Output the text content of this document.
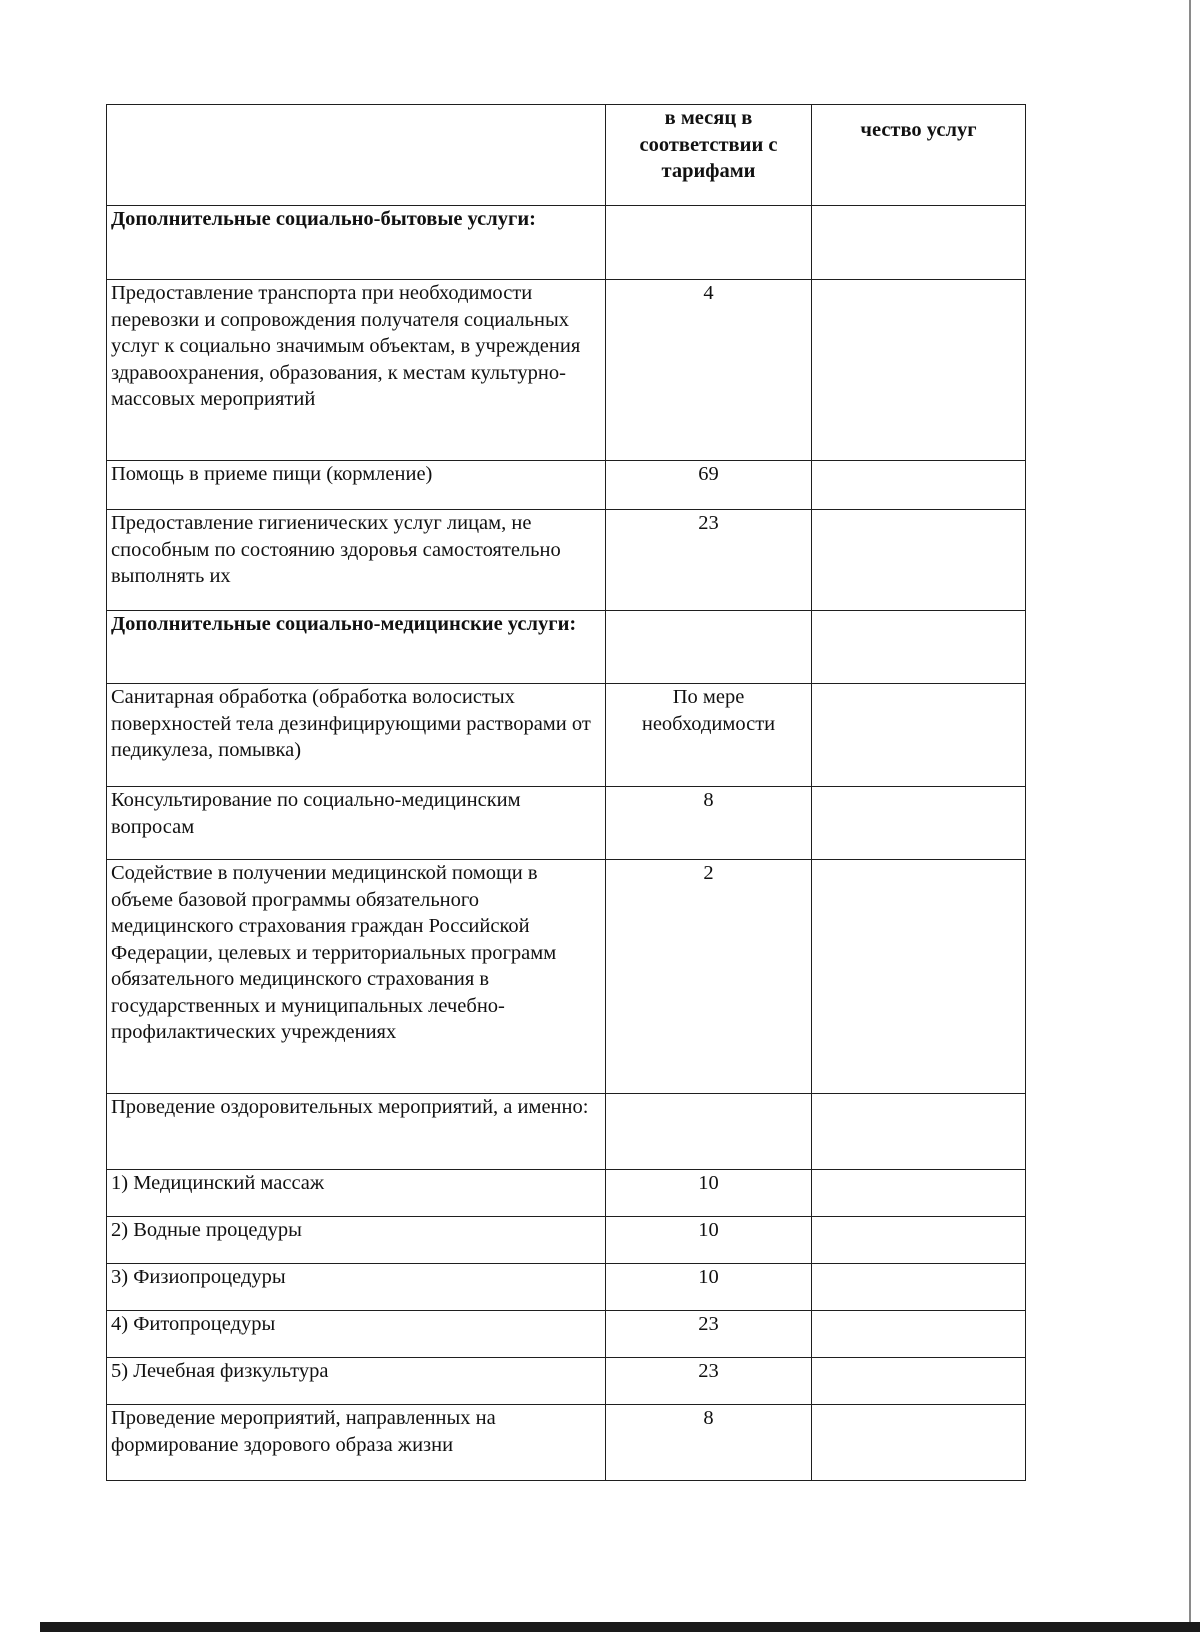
	в месяц в соответствии с тарифами	чество услуг
Дополнительные социально-бытовые услуги:		
Предоставление транспорта при необходимости перевозки и сопровождения получателя социальных услуг к социально значимым объектам, в учреждения здравоохранения, образования, к местам культурно-массовых мероприятий	4	
Помощь в приеме пищи (кормление)	69	
Предоставление гигиенических услуг лицам, не способным по состоянию здоровья самостоятельно выполнять их	23	
Дополнительные социально-медицинские услуги:		
Санитарная обработка (обработка волосистых поверхностей тела дезинфицирующими растворами от педикулеза, помывка)	По мере необходимости	
Консультирование по социально-медицинским вопросам	8	
Содействие в получении медицинской помощи в объеме базовой программы обязательного медицинского страхования граждан Российской Федерации, целевых и территориальных программ обязательного медицинского страхования в государственных и муниципальных лечебно-профилактических учреждениях	2	
Проведение оздоровительных мероприятий, а именно:		
1) Медицинский массаж	10	
2) Водные процедуры	10	
3) Физиопроцедуры	10	
4) Фитопроцедуры	23	
5) Лечебная физкультура	23	
Проведение мероприятий, направленных на формирование здорового образа жизни	8	
